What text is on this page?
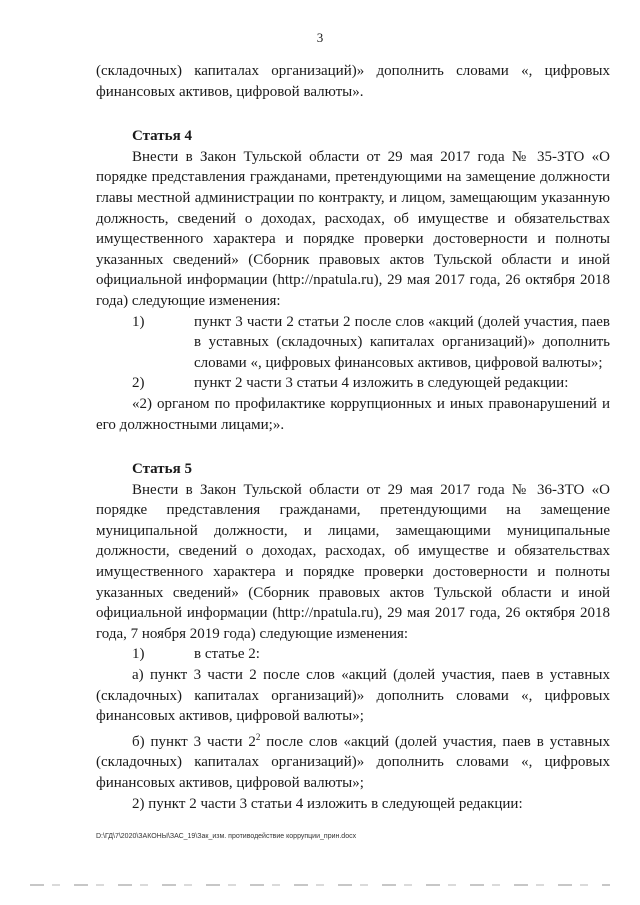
3

(складочных) капиталах организаций)» дополнить словами «, цифровых финансовых активов, цифровой валюты».

Статья 4

Внести в Закон Тульской области от 29 мая 2017 года № 35-ЗТО «О порядке представления гражданами, претендующими на замещение должности главы местной администрации по контракту, и лицом, замещающим указанную должность, сведений о доходах, расходах, об имуществе и обязательствах имущественного характера и порядке проверки достоверности и полноты указанных сведений» (Сборник правовых актов Тульской области и иной официальной информации (http://npatula.ru), 29 мая 2017 года, 26 октября 2018 года) следующие изменения:

1)	пункт 3 части 2 статьи 2 после слов «акций (долей участия, паев в уставных (складочных) капиталах организаций)» дополнить словами «, цифровых финансовых активов, цифровой валюты»;

2)	пункт 2 части 3 статьи 4 изложить в следующей редакции:

«2) органом по профилактике коррупционных и иных правонарушений и его должностными лицами;».

Статья 5

Внести в Закон Тульской области от 29 мая 2017 года № 36-ЗТО «О порядке представления гражданами, претендующими на замещение муниципальной должности, и лицами, замещающими муниципальные должности, сведений о доходах, расходах, об имуществе и обязательствах имущественного характера и порядке проверки достоверности и полноты указанных сведений» (Сборник правовых актов Тульской области и иной официальной информации (http://npatula.ru), 29 мая 2017 года, 26 октября 2018 года, 7 ноября 2019 года) следующие изменения:

1)	в статье 2:

а) пункт 3 части 2 после слов «акций (долей участия, паев в уставных (складочных) капиталах организаций)» дополнить словами «, цифровых финансовых активов, цифровой валюты»;

б) пункт 3 части $2^2$ после слов «акций (долей участия, паев в уставных (складочных) капиталах организаций)» дополнить словами «, цифровых финансовых активов, цифровой валюты»;

2) пункт 2 части 3 статьи 4 изложить в следующей редакции:

D:\ГД\7\2020\ЗАКОНЫ\ЗАС_19\Зак_изм. противодействие коррупции_прин.docx
